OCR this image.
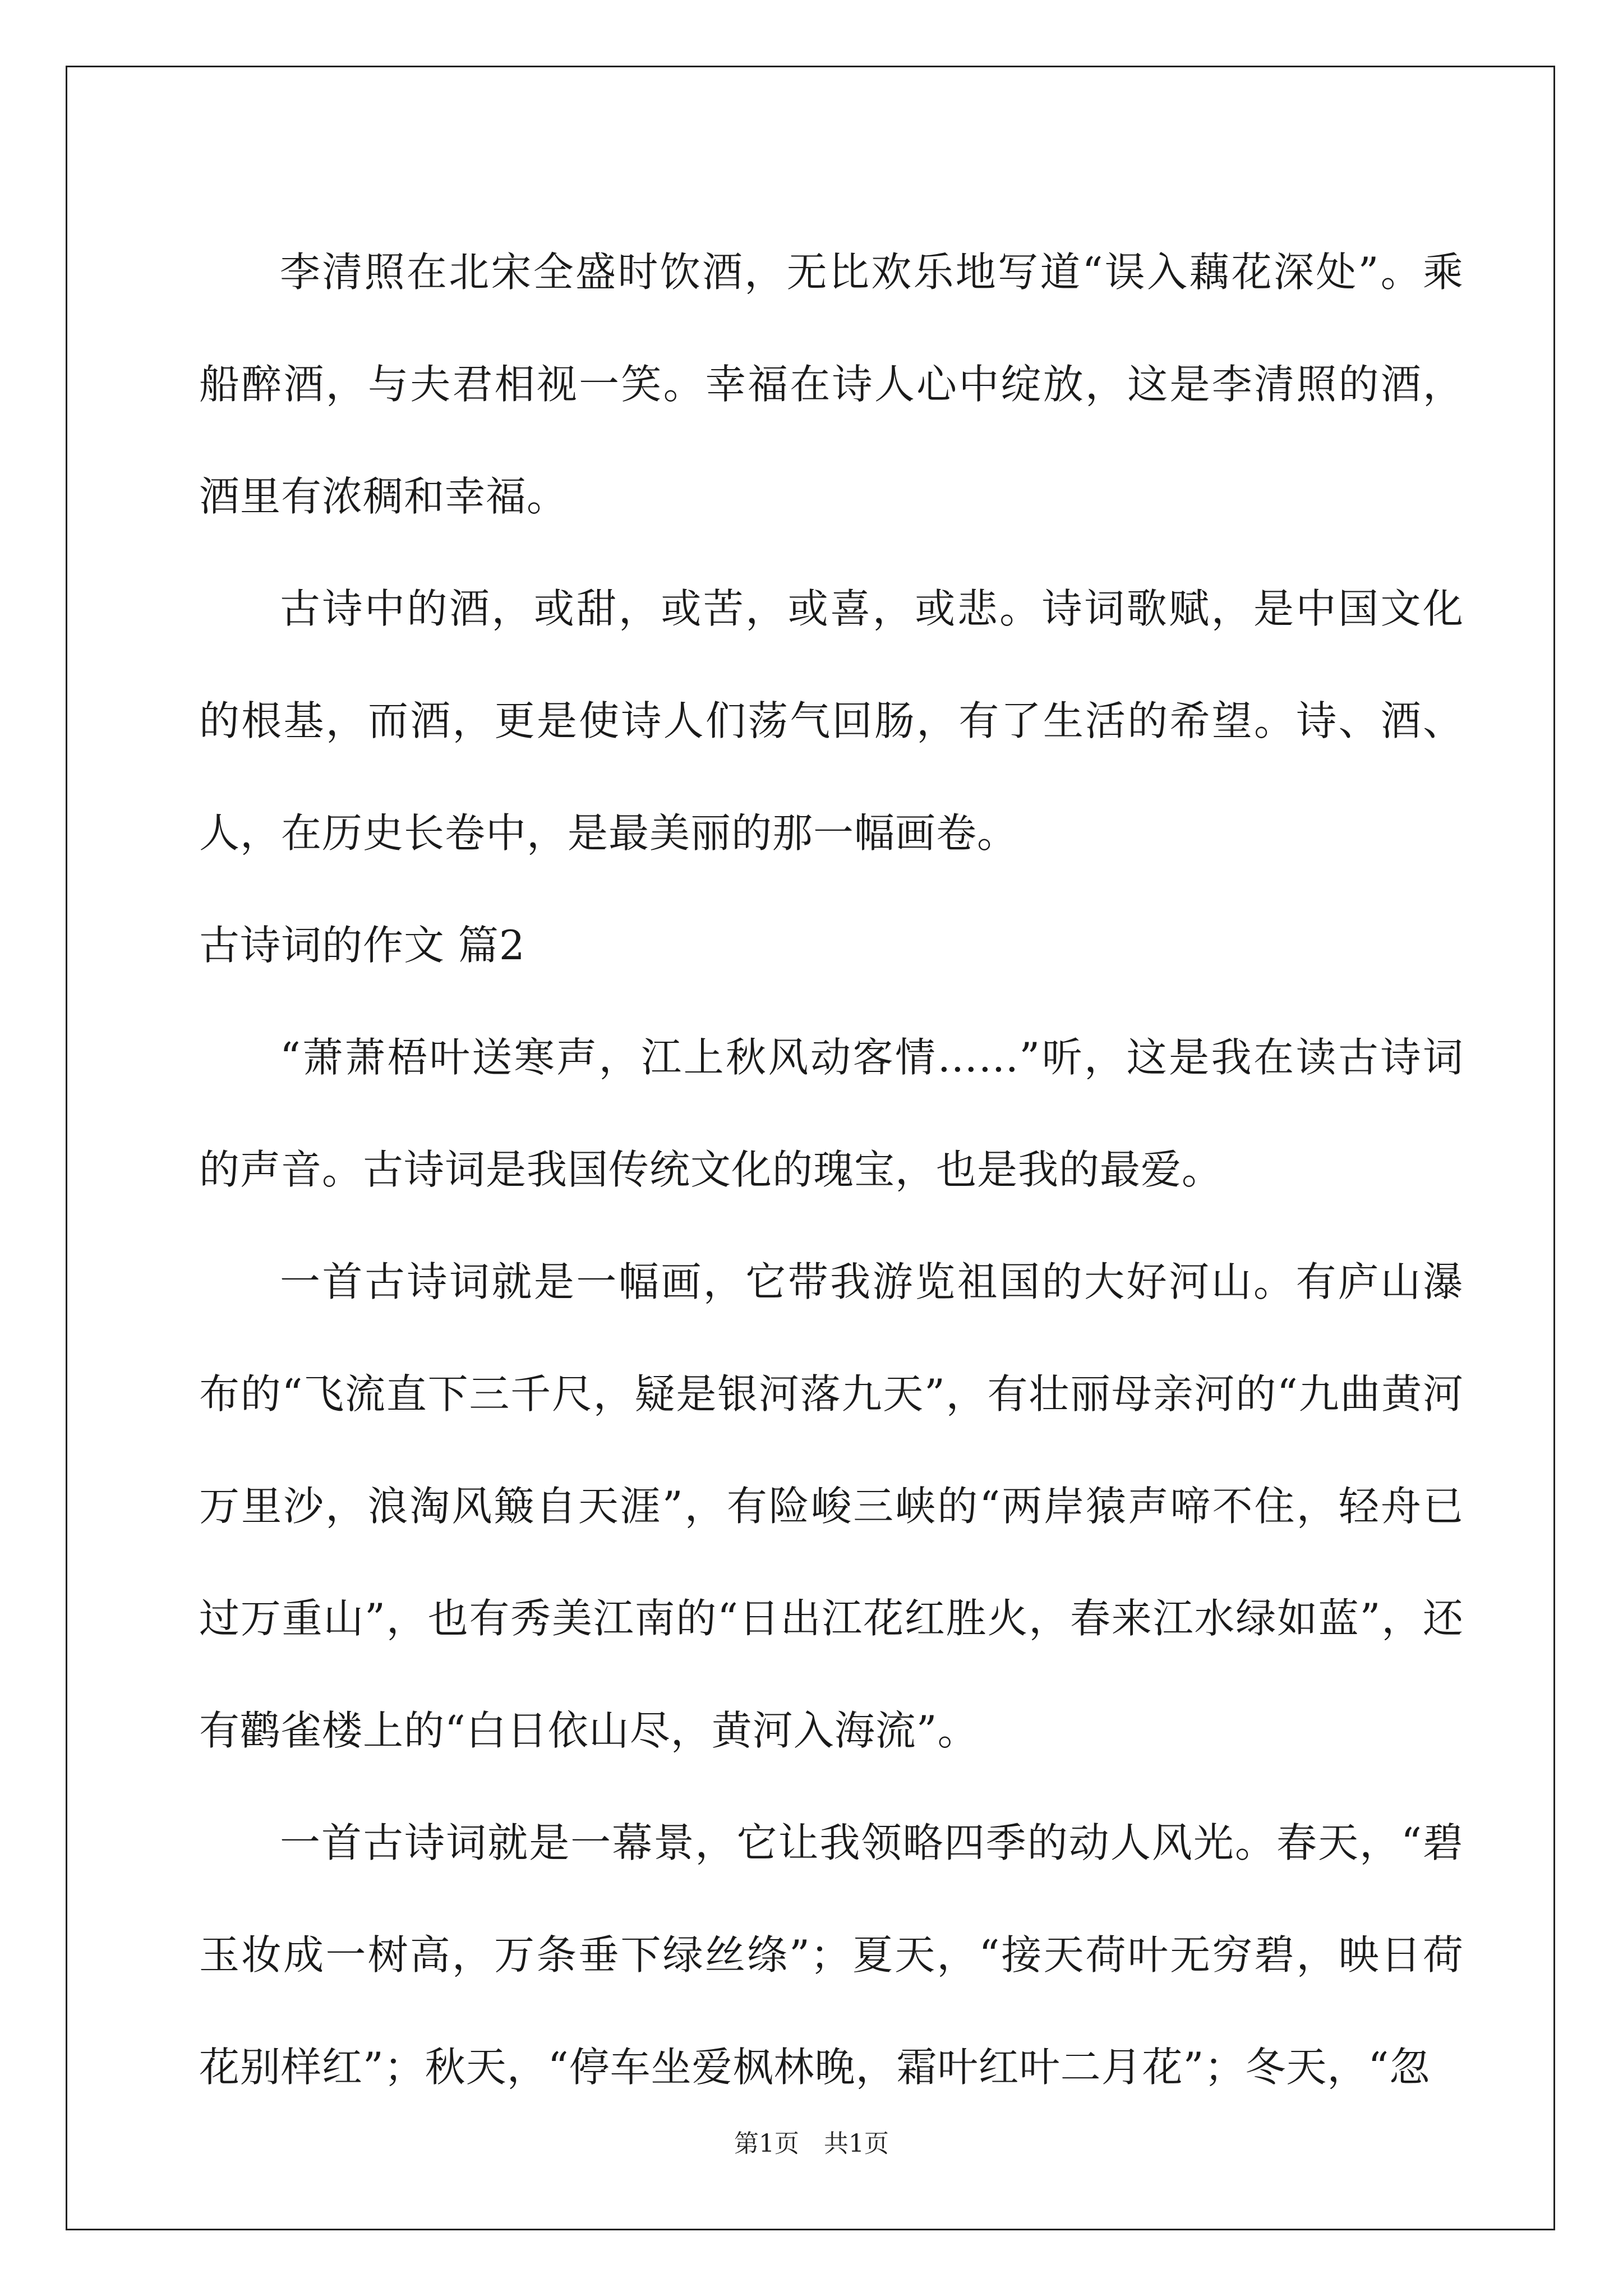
李清照在北宋全盛时饮酒，无比欢乐地写道“误入藕花深处”。乘船醉酒，与夫君相视一笑。幸福在诗人心中绽放，这是李清照的酒，酒里有浓稠和幸福。

古诗中的酒，或甜，或苦，或喜，或悲。诗词歌赋，是中国文化的根基，而酒，更是使诗人们荡气回肠，有了生活的希望。诗、酒、人，在历史长卷中，是最美丽的那一幅画卷。

古诗词的作文 篇2

“萧萧梧叶送寒声，江上秋风动客情……”听，这是我在读古诗词的声音。古诗词是我国传统文化的瑰宝，也是我的最爱。

一首古诗词就是一幅画，它带我游览祖国的大好河山。有庐山瀑布的“飞流直下三千尺，疑是银河落九天”，有壮丽母亲河的“九曲黄河万里沙，浪淘风簸自天涯”，有险峻三峡的“两岸猿声啼不住，轻舟已过万重山”，也有秀美江南的“日出江花红胜火，春来江水绿如蓝”，还有鹳雀楼上的“白日依山尽，黄河入海流”。

一首古诗词就是一幕景，它让我领略四季的动人风光。春天，“碧玉妆成一树高，万条垂下绿丝绦”；夏天，“接天荷叶无穷碧，映日荷花别样红”；秋天，“停车坐爱枫林晚，霜叶红叶二月花”；冬天，“忽

第1页　共1页
